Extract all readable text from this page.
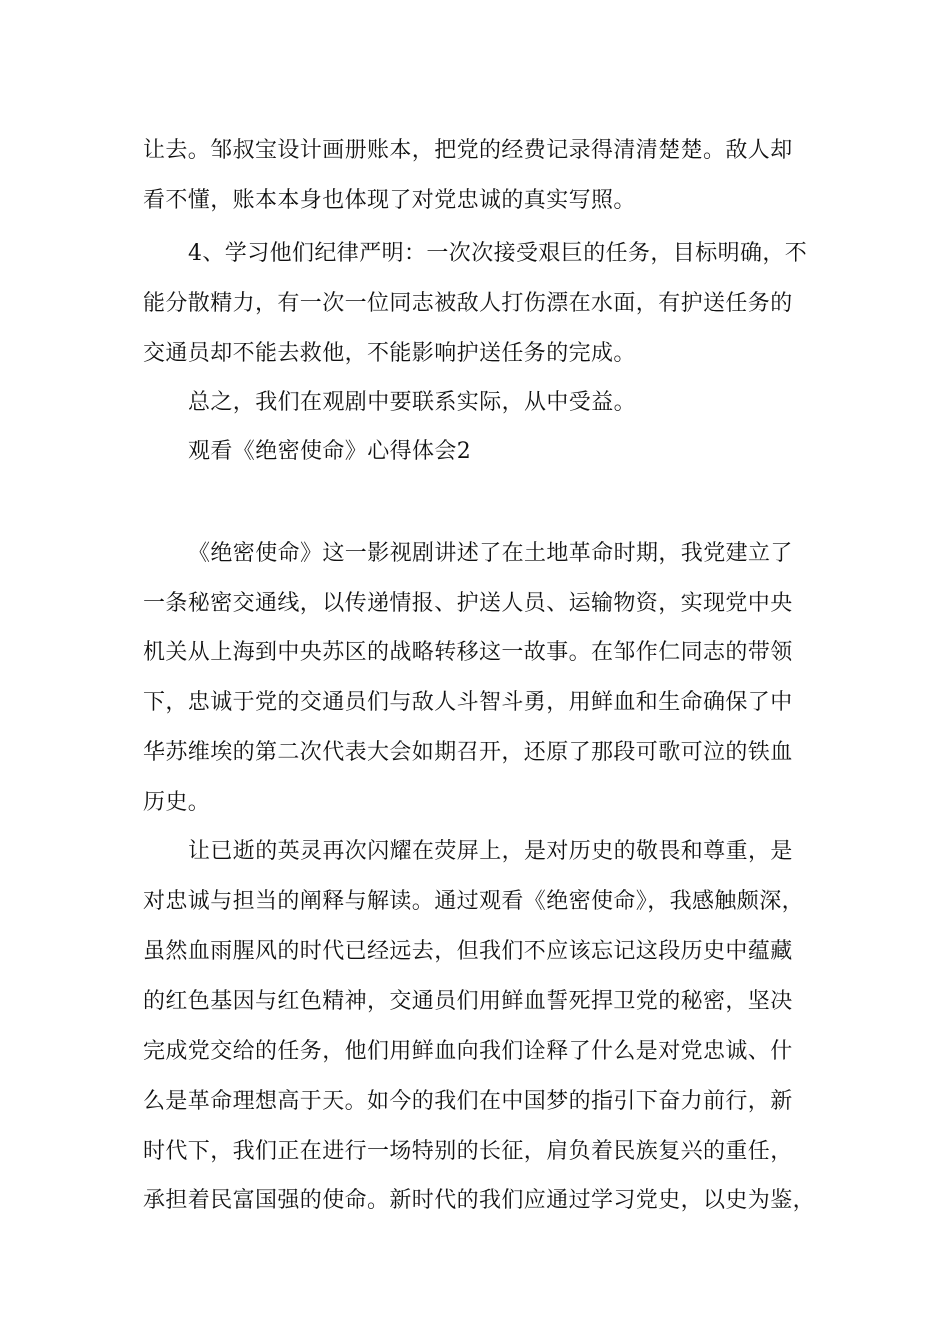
让去。邹叔宝设计画册账本，把党的经费记录得清清楚楚。敌人却
看不懂，账本本身也体现了对党忠诚的真实写照。
4、学习他们纪律严明：一次次接受艰巨的任务，目标明确，不
能分散精力，有一次一位同志被敌人打伤漂在水面，有护送任务的
交通员却不能去救他，不能影响护送任务的完成。
总之，我们在观剧中要联系实际，从中受益。
观看《绝密使命》心得体会2
《绝密使命》这一影视剧讲述了在土地革命时期，我党建立了
一条秘密交通线，以传递情报、护送人员、运输物资，实现党中央
机关从上海到中央苏区的战略转移这一故事。在邹作仁同志的带领
下，忠诚于党的交通员们与敌人斗智斗勇，用鲜血和生命确保了中
华苏维埃的第二次代表大会如期召开，还原了那段可歌可泣的铁血
历史。
让已逝的英灵再次闪耀在荧屏上，是对历史的敬畏和尊重，是
对忠诚与担当的阐释与解读。通过观看《绝密使命》，我感触颇深，
虽然血雨腥风的时代已经远去，但我们不应该忘记这段历史中蕴藏
的红色基因与红色精神，交通员们用鲜血誓死捍卫党的秘密，坚决
完成党交给的任务，他们用鲜血向我们诠释了什么是对党忠诚、什
么是革命理想高于天。如今的我们在中国梦的指引下奋力前行，新
时代下，我们正在进行一场特别的长征，肩负着民族复兴的重任，
承担着民富国强的使命。新时代的我们应通过学习党史，以史为鉴，
